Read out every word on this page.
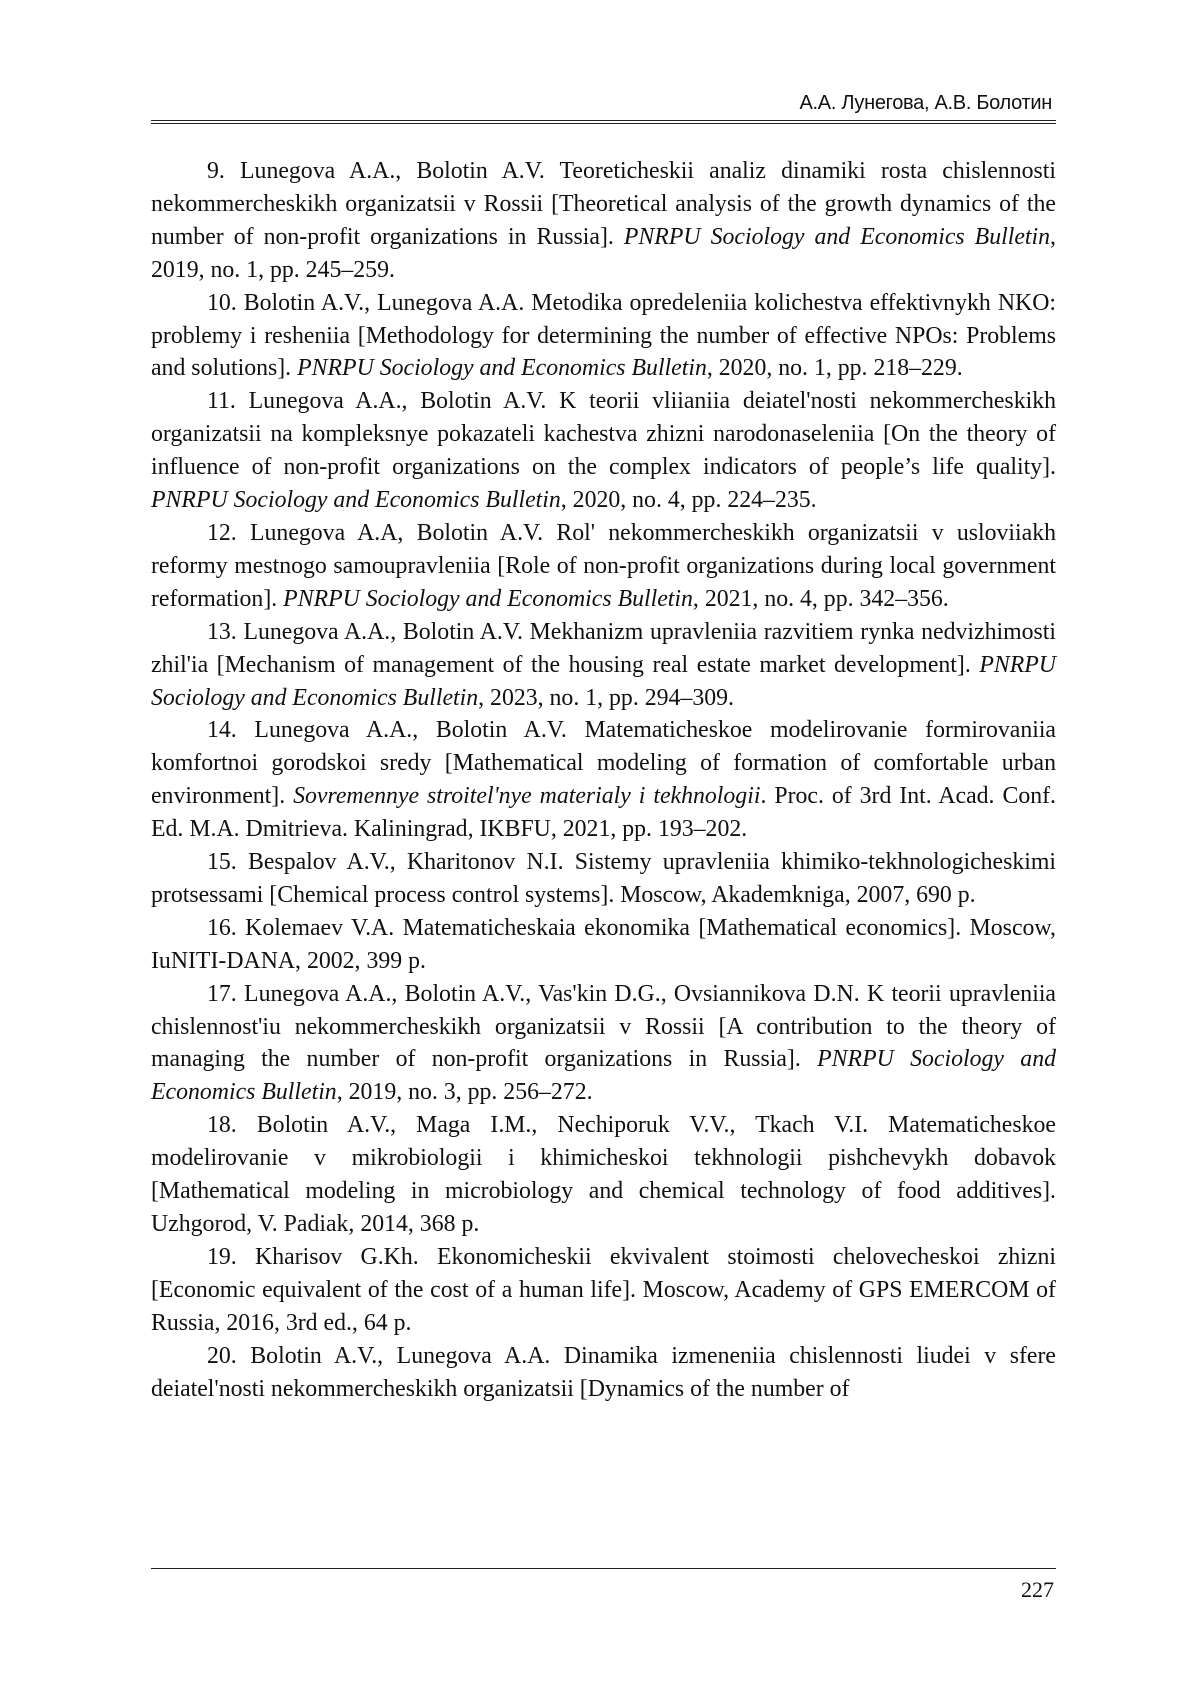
А.А. Лунегова, А.В. Болотин

9. Lunegova A.A., Bolotin A.V. Teoreticheskii analiz dinamiki rosta chislennosti nekommercheskikh organizatsii v Rossii [Theoretical analysis of the growth dynamics of the number of non-profit organizations in Russia]. PNRPU Sociology and Economics Bulletin, 2019, no. 1, pp. 245–259.

10. Bolotin A.V., Lunegova A.A. Metodika opredeleniia kolichestva effektivnykh NKO: problemy i resheniia [Methodology for determining the number of effective NPOs: Problems and solutions]. PNRPU Sociology and Economics Bulletin, 2020, no. 1, pp. 218–229.

11. Lunegova A.A., Bolotin A.V. K teorii vliianiia deiatel'nosti nekommercheskikh organizatsii na kompleksnye pokazateli kachestva zhizni narodonaseleniia [On the theory of influence of non-profit organizations on the complex indicators of people’s life quality]. PNRPU Sociology and Economics Bulletin, 2020, no. 4, pp. 224–235.

12. Lunegova A.A, Bolotin A.V. Rol' nekommercheskikh organizatsii v usloviiakh reformy mestnogo samoupravleniia [Role of non-profit organizations during local government reformation]. PNRPU Sociology and Economics Bulletin, 2021, no. 4, pp. 342–356.

13. Lunegova A.A., Bolotin A.V. Mekhanizm upravleniia razvitiem rynka nedvizhimosti zhil'ia [Mechanism of management of the housing real estate market development]. PNRPU Sociology and Economics Bulletin, 2023, no. 1, pp. 294–309.

14. Lunegova A.A., Bolotin A.V. Matematicheskoe modelirovanie formirovaniia komfortnoi gorodskoi sredy [Mathematical modeling of formation of comfortable urban environment]. Sovremennye stroitel'nye materialy i tekhnologii. Proc. of 3rd Int. Acad. Conf. Ed. M.A. Dmitrieva. Kaliningrad, IKBFU, 2021, pp. 193–202.

15. Bespalov A.V., Kharitonov N.I. Sistemy upravleniia khimiko-tekhnologicheskimi protsessami [Chemical process control systems]. Moscow, Akademkniga, 2007, 690 p.

16. Kolemaev V.A. Matematicheskaia ekonomika [Mathematical economics]. Moscow, IuNITI-DANA, 2002, 399 p.

17. Lunegova A.A., Bolotin A.V., Vas'kin D.G., Ovsiannikova D.N. K teorii upravleniia chislennost'iu nekommercheskikh organizatsii v Rossii [A contribution to the theory of managing the number of non-profit organizations in Russia]. PNRPU Sociology and Economics Bulletin, 2019, no. 3, pp. 256–272.

18. Bolotin A.V., Maga I.M., Nechiporuk V.V., Tkach V.I. Matematicheskoe modelirovanie v mikrobiologii i khimicheskoi tekhnologii pishchevykh dobavok [Mathematical modeling in microbiology and chemical technology of food additives]. Uzhgorod, V. Padiak, 2014, 368 p.

19. Kharisov G.Kh. Ekonomicheskii ekvivalent stoimosti chelovecheskoi zhizni [Economic equivalent of the cost of a human life]. Moscow, Academy of GPS EMERCOM of Russia, 2016, 3rd ed., 64 p.

20. Bolotin A.V., Lunegova A.A. Dinamika izmeneniia chislennosti liudei v sfere deiatel'nosti nekommercheskikh organizatsii [Dynamics of the number of

227
